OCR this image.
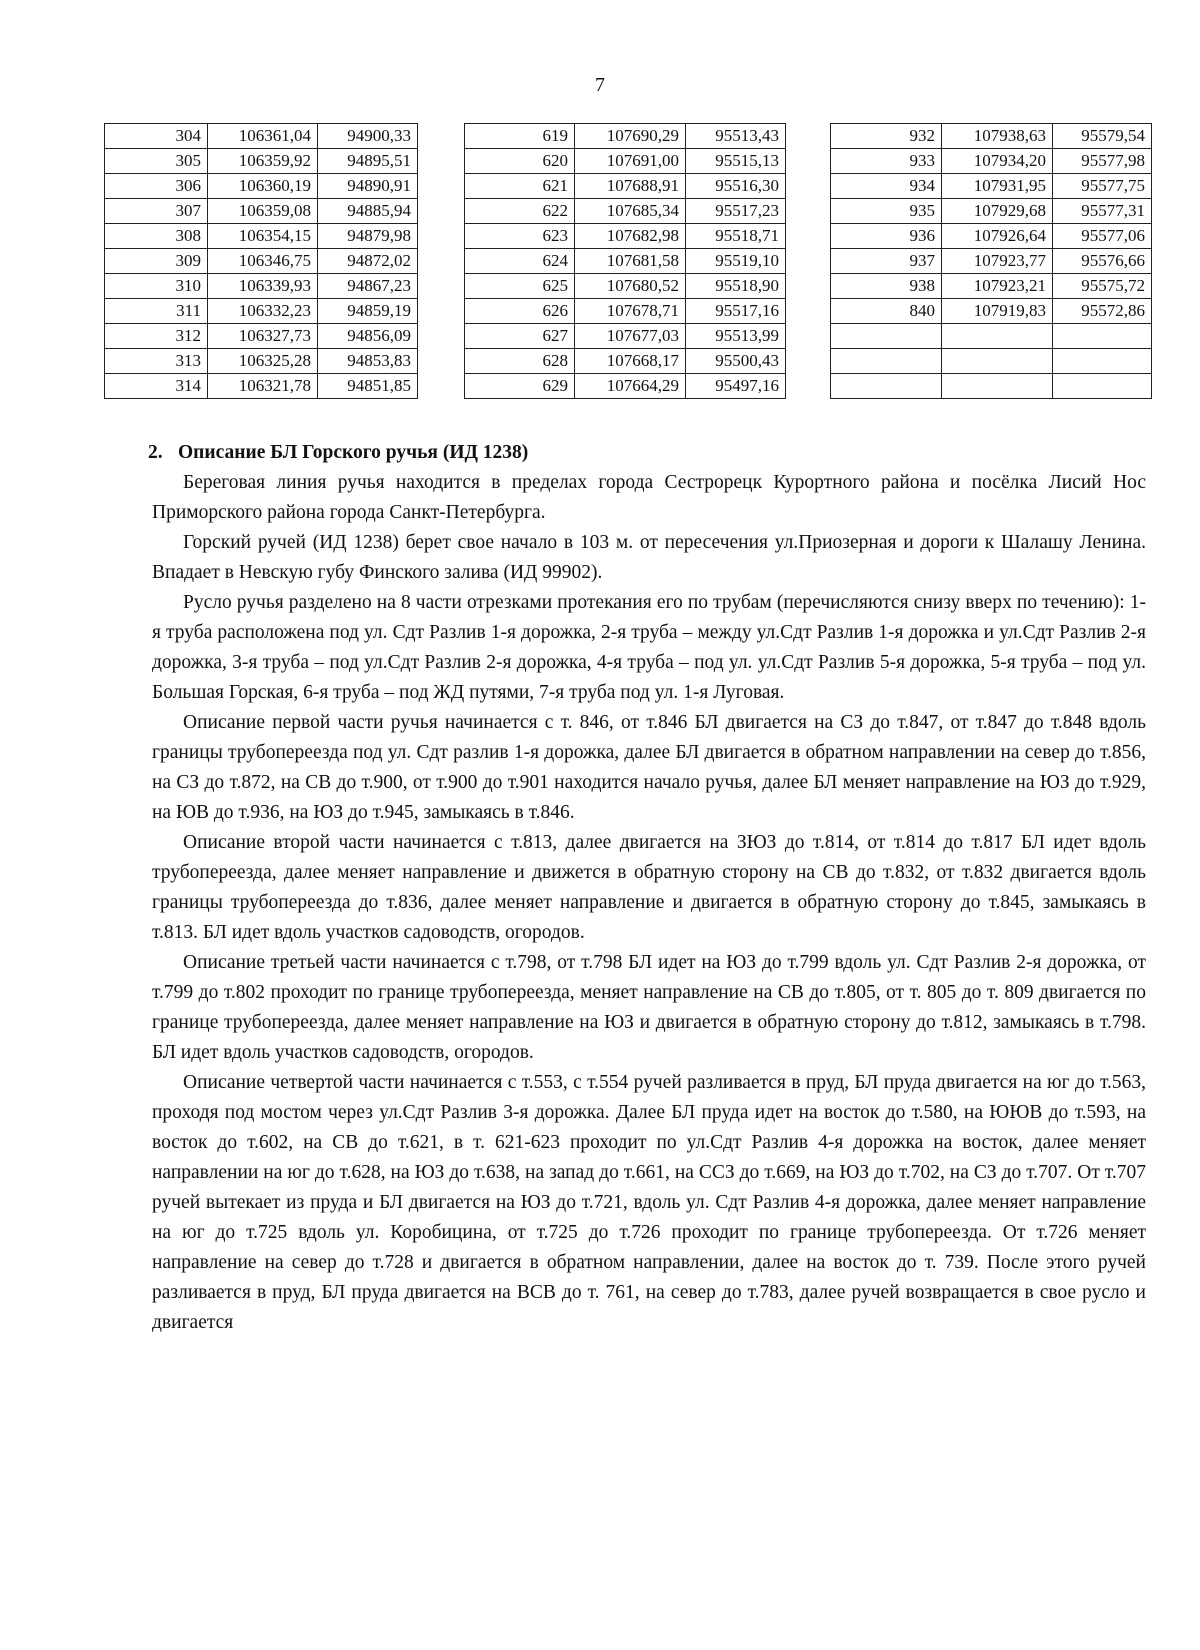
7
304	106361,04	94900,33
305	106359,92	94895,51
306	106360,19	94890,91
307	106359,08	94885,94
308	106354,15	94879,98
309	106346,75	94872,02
310	106339,93	94867,23
311	106332,23	94859,19
312	106327,73	94856,09
313	106325,28	94853,83
314	106321,78	94851,85
619	107690,29	95513,43
620	107691,00	95515,13
621	107688,91	95516,30
622	107685,34	95517,23
623	107682,98	95518,71
624	107681,58	95519,10
625	107680,52	95518,90
626	107678,71	95517,16
627	107677,03	95513,99
628	107668,17	95500,43
629	107664,29	95497,16
932	107938,63	95579,54
933	107934,20	95577,98
934	107931,95	95577,75
935	107929,68	95577,31
936	107926,64	95577,06
937	107923,77	95576,66
938	107923,21	95575,72
840	107919,83	95572,86

2. Описание БЛ Горского ручья (ИД 1238)

Береговая линия ручья находится в пределах города Сестрорецк Курортного района и посёлка Лисий Нос Приморского района города Санкт-Петербурга.

Горский ручей (ИД 1238) берет свое начало в 103 м. от пересечения ул.Приозерная и дороги к Шалашу Ленина. Впадает в Невскую губу Финского залива (ИД 99902).

Русло ручья разделено на 8 части отрезками протекания его по трубам (перечисляются снизу вверх по течению): 1-я труба расположена под ул. Сдт Разлив 1-я дорожка, 2-я труба – между ул.Сдт Разлив 1-я дорожка и ул.Сдт Разлив 2-я дорожка, 3-я труба – под ул.Сдт Разлив 2-я дорожка, 4-я труба – под ул. ул.Сдт Разлив 5-я дорожка, 5-я труба – под ул. Большая Горская, 6-я труба – под ЖД путями, 7-я труба под ул. 1-я Луговая.

Описание первой части ручья начинается с т. 846, от т.846 БЛ двигается на СЗ до т.847, от т.847 до т.848 вдоль границы трубопереезда под ул. Сдт разлив 1-я дорожка, далее БЛ двигается в обратном направлении на север до т.856, на СЗ до т.872, на СВ до т.900, от т.900 до т.901 находится начало ручья, далее БЛ меняет направление на ЮЗ до т.929, на ЮВ до т.936, на ЮЗ до т.945, замыкаясь в т.846.

Описание второй части начинается с т.813, далее двигается на ЗЮЗ до т.814, от т.814 до т.817 БЛ идет вдоль трубопереезда, далее меняет направление и движется в обратную сторону на СВ до т.832, от т.832 двигается вдоль границы трубопереезда до т.836, далее меняет направление и двигается в обратную сторону до т.845, замыкаясь в т.813. БЛ идет вдоль участков садоводств, огородов.

Описание третьей части начинается с т.798, от т.798 БЛ идет на ЮЗ до т.799 вдоль ул. Сдт Разлив 2-я дорожка, от т.799 до т.802 проходит по границе трубопереезда, меняет направление на СВ до т.805, от т. 805 до т. 809 двигается по границе трубопереезда, далее меняет направление на ЮЗ и двигается в обратную сторону до т.812, замыкаясь в т.798. БЛ идет вдоль участков садоводств, огородов.

Описание четвертой части начинается с т.553, с т.554 ручей разливается в пруд, БЛ пруда двигается на юг до т.563, проходя под мостом через ул.Сдт Разлив 3-я дорожка. Далее БЛ пруда идет на восток до т.580, на ЮЮВ до т.593, на восток до т.602, на СВ до т.621, в т. 621-623 проходит по ул.Сдт Разлив 4-я дорожка на восток, далее меняет направлении на юг до т.628, на ЮЗ до т.638, на запад до т.661, на ССЗ до т.669, на ЮЗ до т.702, на СЗ до т.707. От т.707 ручей вытекает из пруда и БЛ двигается на ЮЗ до т.721, вдоль ул. Сдт Разлив 4-я дорожка, далее меняет направление на юг до т.725 вдоль ул. Коробицина, от т.725 до т.726 проходит по границе трубопереезда. От т.726 меняет направление на север до т.728 и двигается в обратном направлении, далее на восток до т. 739. После этого ручей разливается в пруд, БЛ пруда двигается на ВСВ до т. 761, на север до т.783, далее ручей возвращается в свое русло и двигается
